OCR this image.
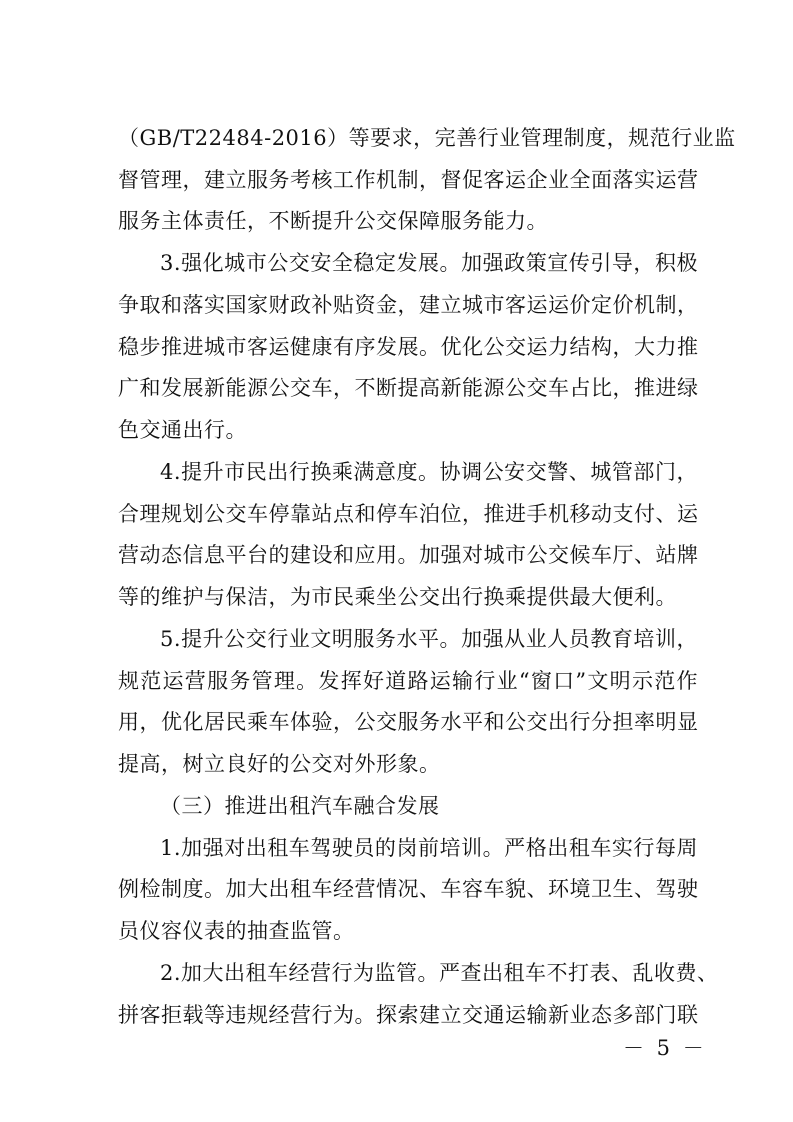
（GB/T22484-2016）等要求，完善行业管理制度，规范行业监
督管理，建立服务考核工作机制，督促客运企业全面落实运营
服务主体责任，不断提升公交保障服务能力。
3.强化城市公交安全稳定发展。加强政策宣传引导，积极
争取和落实国家财政补贴资金，建立城市客运运价定价机制，
稳步推进城市客运健康有序发展。优化公交运力结构，大力推
广和发展新能源公交车，不断提高新能源公交车占比，推进绿
色交通出行。
4.提升市民出行换乘满意度。协调公安交警、城管部门，
合理规划公交车停靠站点和停车泊位，推进手机移动支付、运
营动态信息平台的建设和应用。加强对城市公交候车厅、站牌
等的维护与保洁，为市民乘坐公交出行换乘提供最大便利。
5.提升公交行业文明服务水平。加强从业人员教育培训，
规范运营服务管理。发挥好道路运输行业“窗口”文明示范作
用，优化居民乘车体验，公交服务水平和公交出行分担率明显
提高，树立良好的公交对外形象。
（三）推进出租汽车融合发展
1.加强对出租车驾驶员的岗前培训。严格出租车实行每周
例检制度。加大出租车经营情况、车容车貌、环境卫生、驾驶
员仪容仪表的抽查监管。
2.加大出租车经营行为监管。严查出租车不打表、乱收费、
拼客拒载等违规经营行为。探索建立交通运输新业态多部门联
－ 5 －
